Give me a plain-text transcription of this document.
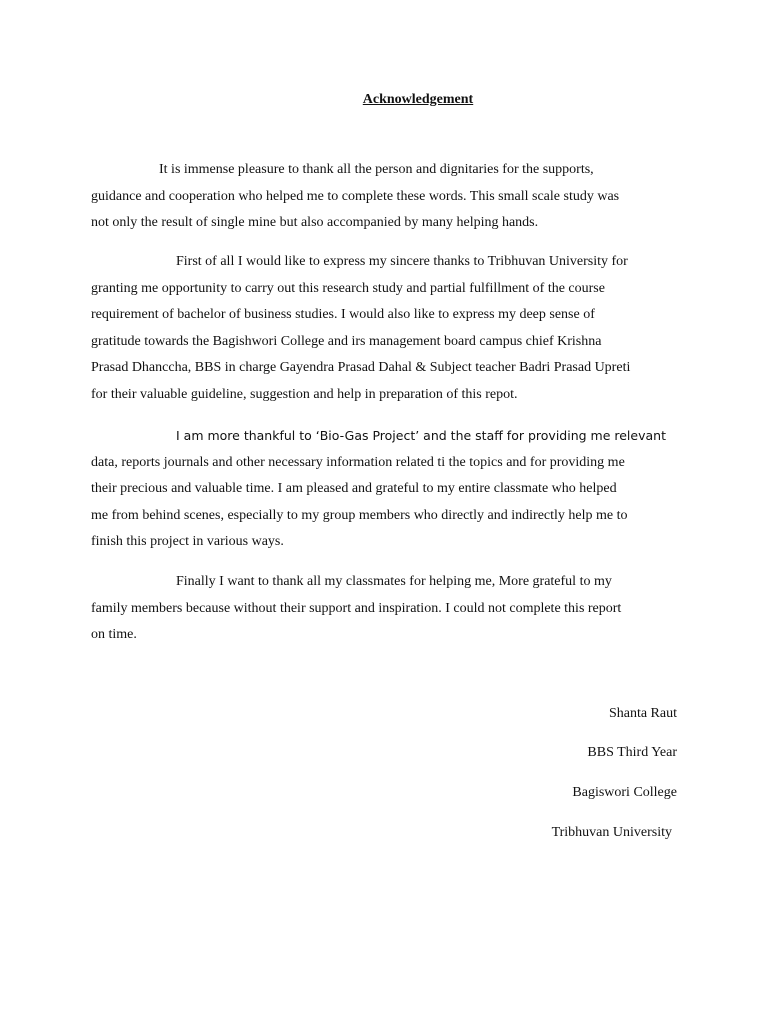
Acknowledgement
It is immense pleasure to thank all the person and dignitaries for the supports,
guidance and cooperation who helped me to complete these words. This small scale study was
not only the result of single mine but also accompanied by many helping hands.
First of all I would like to express my sincere thanks to Tribhuvan University for
granting me opportunity to carry out this research study and partial fulfillment of the course
requirement of bachelor of business studies. I would also like to express my deep sense of
gratitude towards the Bagishwori College and irs management board campus chief Krishna
Prasad Dhanccha, BBS in charge Gayendra Prasad Dahal & Subject teacher Badri Prasad Upreti
for their valuable guideline, suggestion and help in preparation of this repot.
I am more thankful to ‘Bio-Gas Project’ and the staff for providing me relevant
data, reports journals and other necessary information related ti the topics and for providing me
their precious and valuable time. I am pleased and grateful to my entire classmate who helped
me from behind scenes, especially to my group members who directly and indirectly help me to
finish this project in various ways.
Finally I want to thank all my classmates for helping me, More grateful to my
family members because without their support and inspiration. I could not complete this report
on time.
Shanta Raut
BBS Third Year
Bagiswori College
Tribhuvan University
